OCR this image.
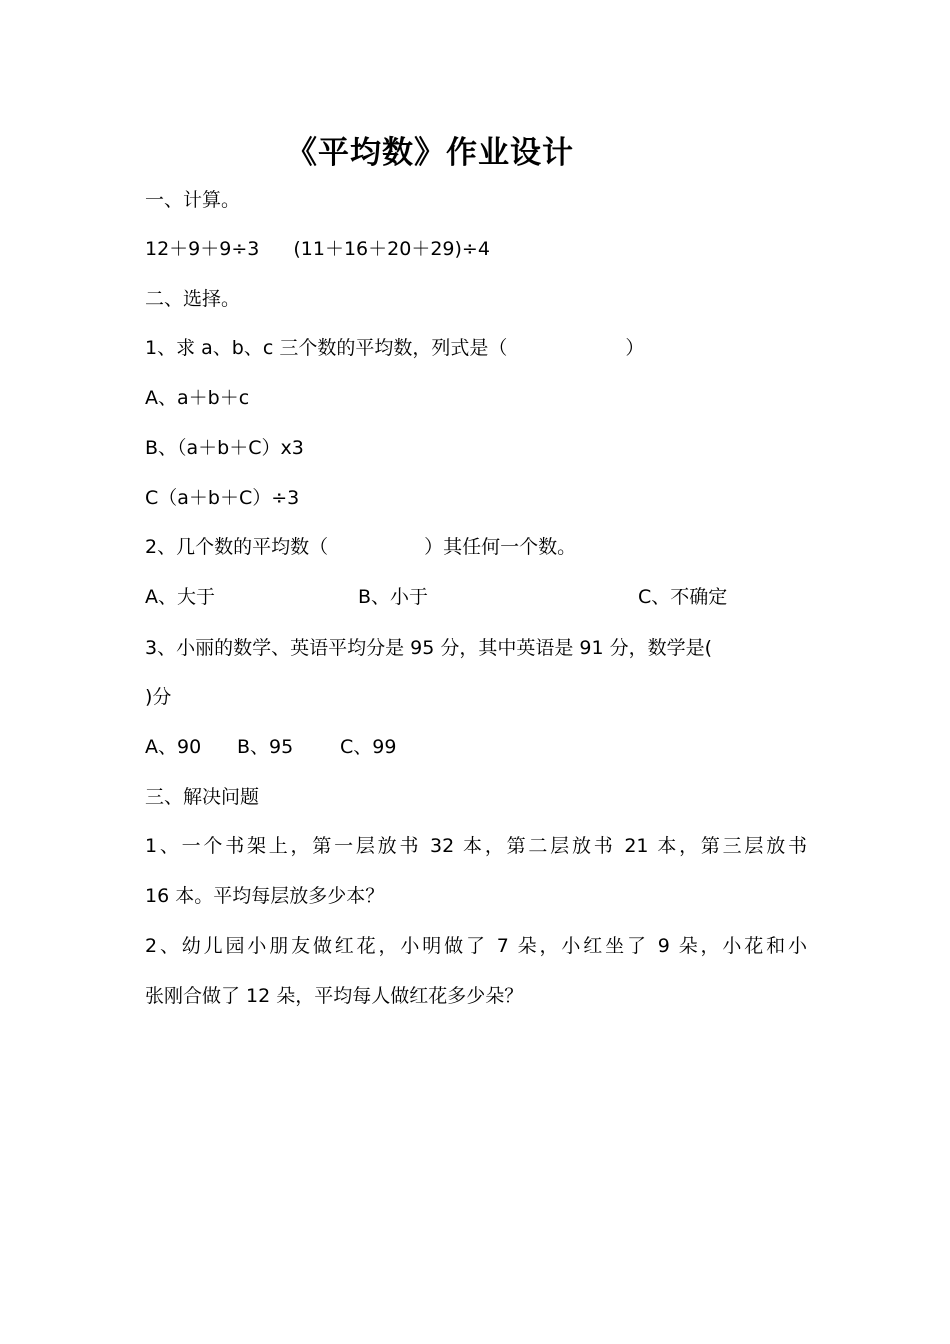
《平均数》作业设计
一、计算。
12＋9＋9÷3 (11＋16＋20＋29)÷4
二、选择。
1、求 a、b、c 三个数的平均数，列式是（	）
A、a＋b＋c
B、（a＋b＋C）x3
C（a＋b＋C）÷3
2、几个数的平均数（	）其任何一个数。
A、大于	B、小于	C、不确定
3、小丽的数学、英语平均分是 95 分，其中英语是 91 分，数学是(
)分
A、90 B、95 C、99
三、解决问题
1、一个书架上，第一层放书 32 本，第二层放书 21 本，第三层放书
16 本。平均每层放多少本？
2、幼儿园小朋友做红花，小明做了 7 朵，小红坐了 9 朵，小花和小
张刚合做了 12 朵，平均每人做红花多少朵？
